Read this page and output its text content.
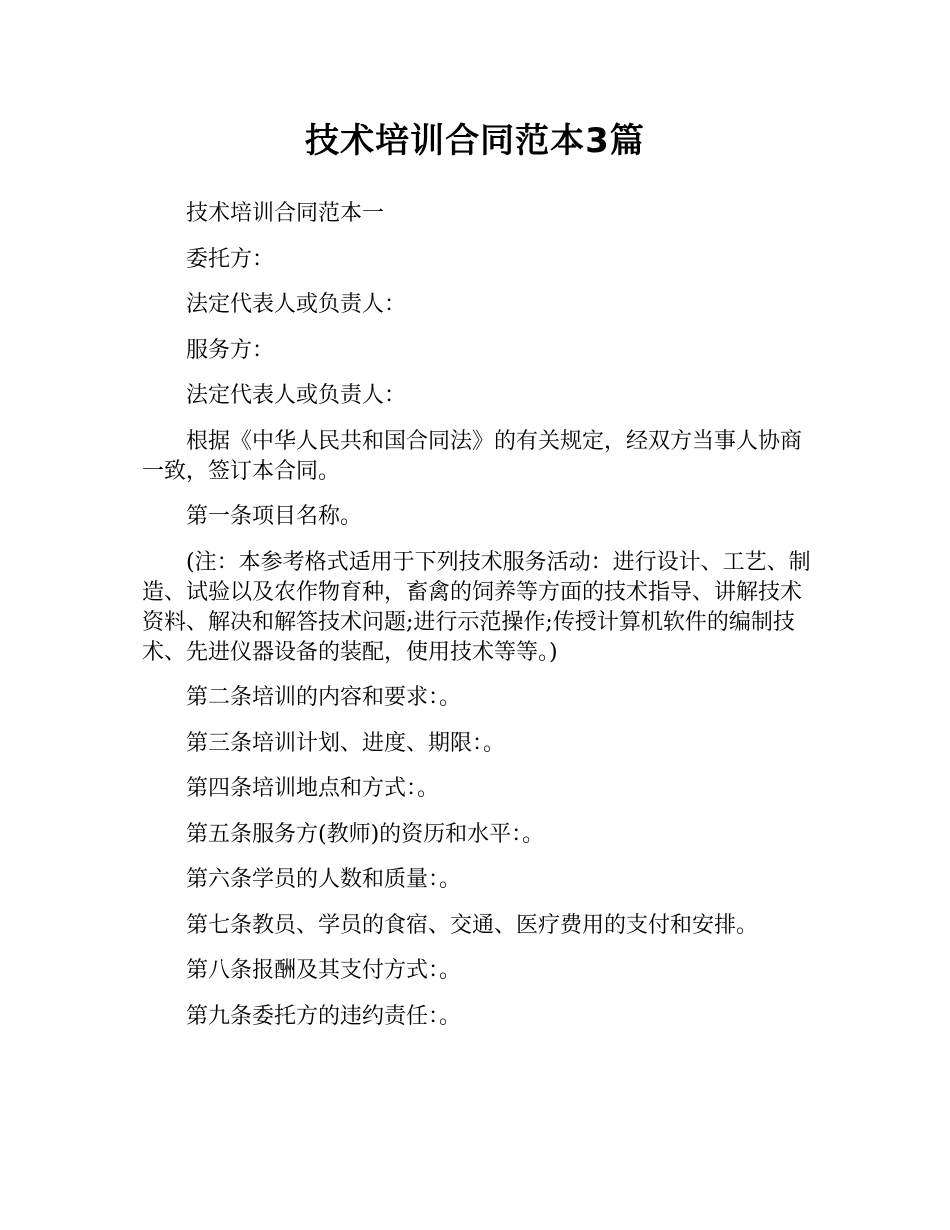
技术培训合同范本3篇

技术培训合同范本一

委托方：

法定代表人或负责人：

服务方：

法定代表人或负责人：

根据《中华人民共和国合同法》的有关规定，经双方当事人协商一致，签订本合同。

第一条项目名称。

(注：本参考格式适用于下列技术服务活动：进行设计、工艺、制造、试验以及农作物育种，畜禽的饲养等方面的技术指导、讲解技术资料、解决和解答技术问题;进行示范操作;传授计算机软件的编制技术、先进仪器设备的装配，使用技术等等。)

第二条培训的内容和要求：。

第三条培训计划、进度、期限：。

第四条培训地点和方式：。

第五条服务方(教师)的资历和水平：。

第六条学员的人数和质量：。

第七条教员、学员的食宿、交通、医疗费用的支付和安排。

第八条报酬及其支付方式：。

第九条委托方的违约责任：。
